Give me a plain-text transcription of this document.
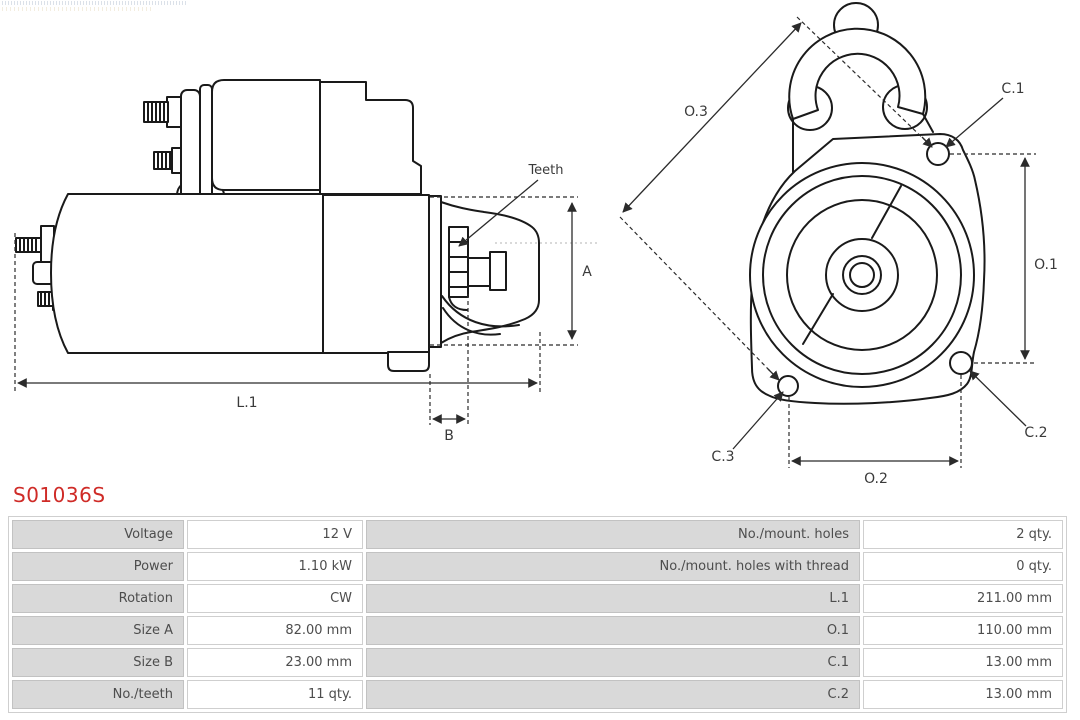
Teeth
A
L.1
B
O.3
O.1
O.2
C.1
C.2
C.3
S01036S
Voltage	12 V	No./mount. holes	2 qty.
Power	1.10 kW	No./mount. holes with thread	0 qty.
Rotation	CW	L.1	211.00 mm
Size A	82.00 mm	O.1	110.00 mm
Size B	23.00 mm	C.1	13.00 mm
No./teeth	11 qty.	C.2	13.00 mm
